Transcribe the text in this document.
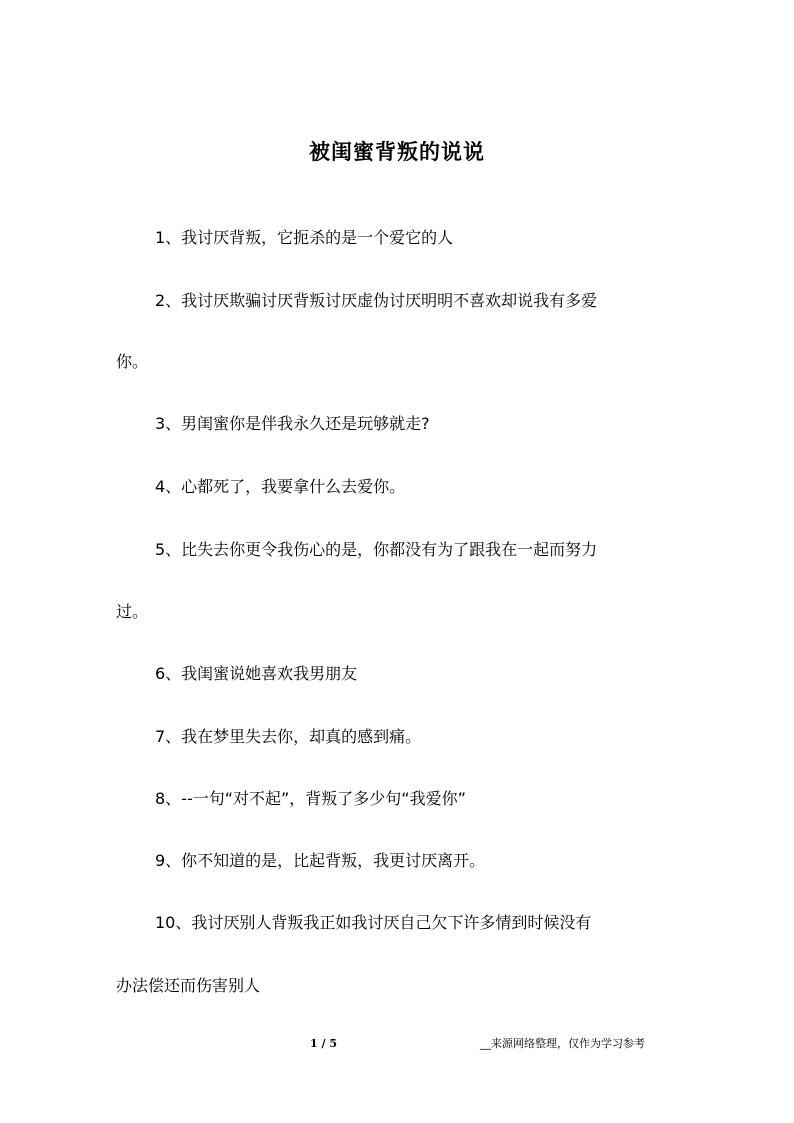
被闺蜜背叛的说说
1、我讨厌背叛，它扼杀的是一个爱它的人
2、我讨厌欺骗讨厌背叛讨厌虚伪讨厌明明不喜欢却说我有多爱
你。
3、男闺蜜你是伴我永久还是玩够就走?
4、心都死了，我要拿什么去爱你。
5、比失去你更令我伤心的是，你都没有为了跟我在一起而努力
过。
6、我闺蜜说她喜欢我男朋友
7、我在梦里失去你，却真的感到痛。
8、--一句“对不起”，背叛了多少句“我爱你”
9、你不知道的是，比起背叛，我更讨厌离开。
10、我讨厌别人背叛我正如我讨厌自己欠下许多情到时候没有
办法偿还而伤害别人
1 / 5	__来源网络整理，仅作为学习参考
